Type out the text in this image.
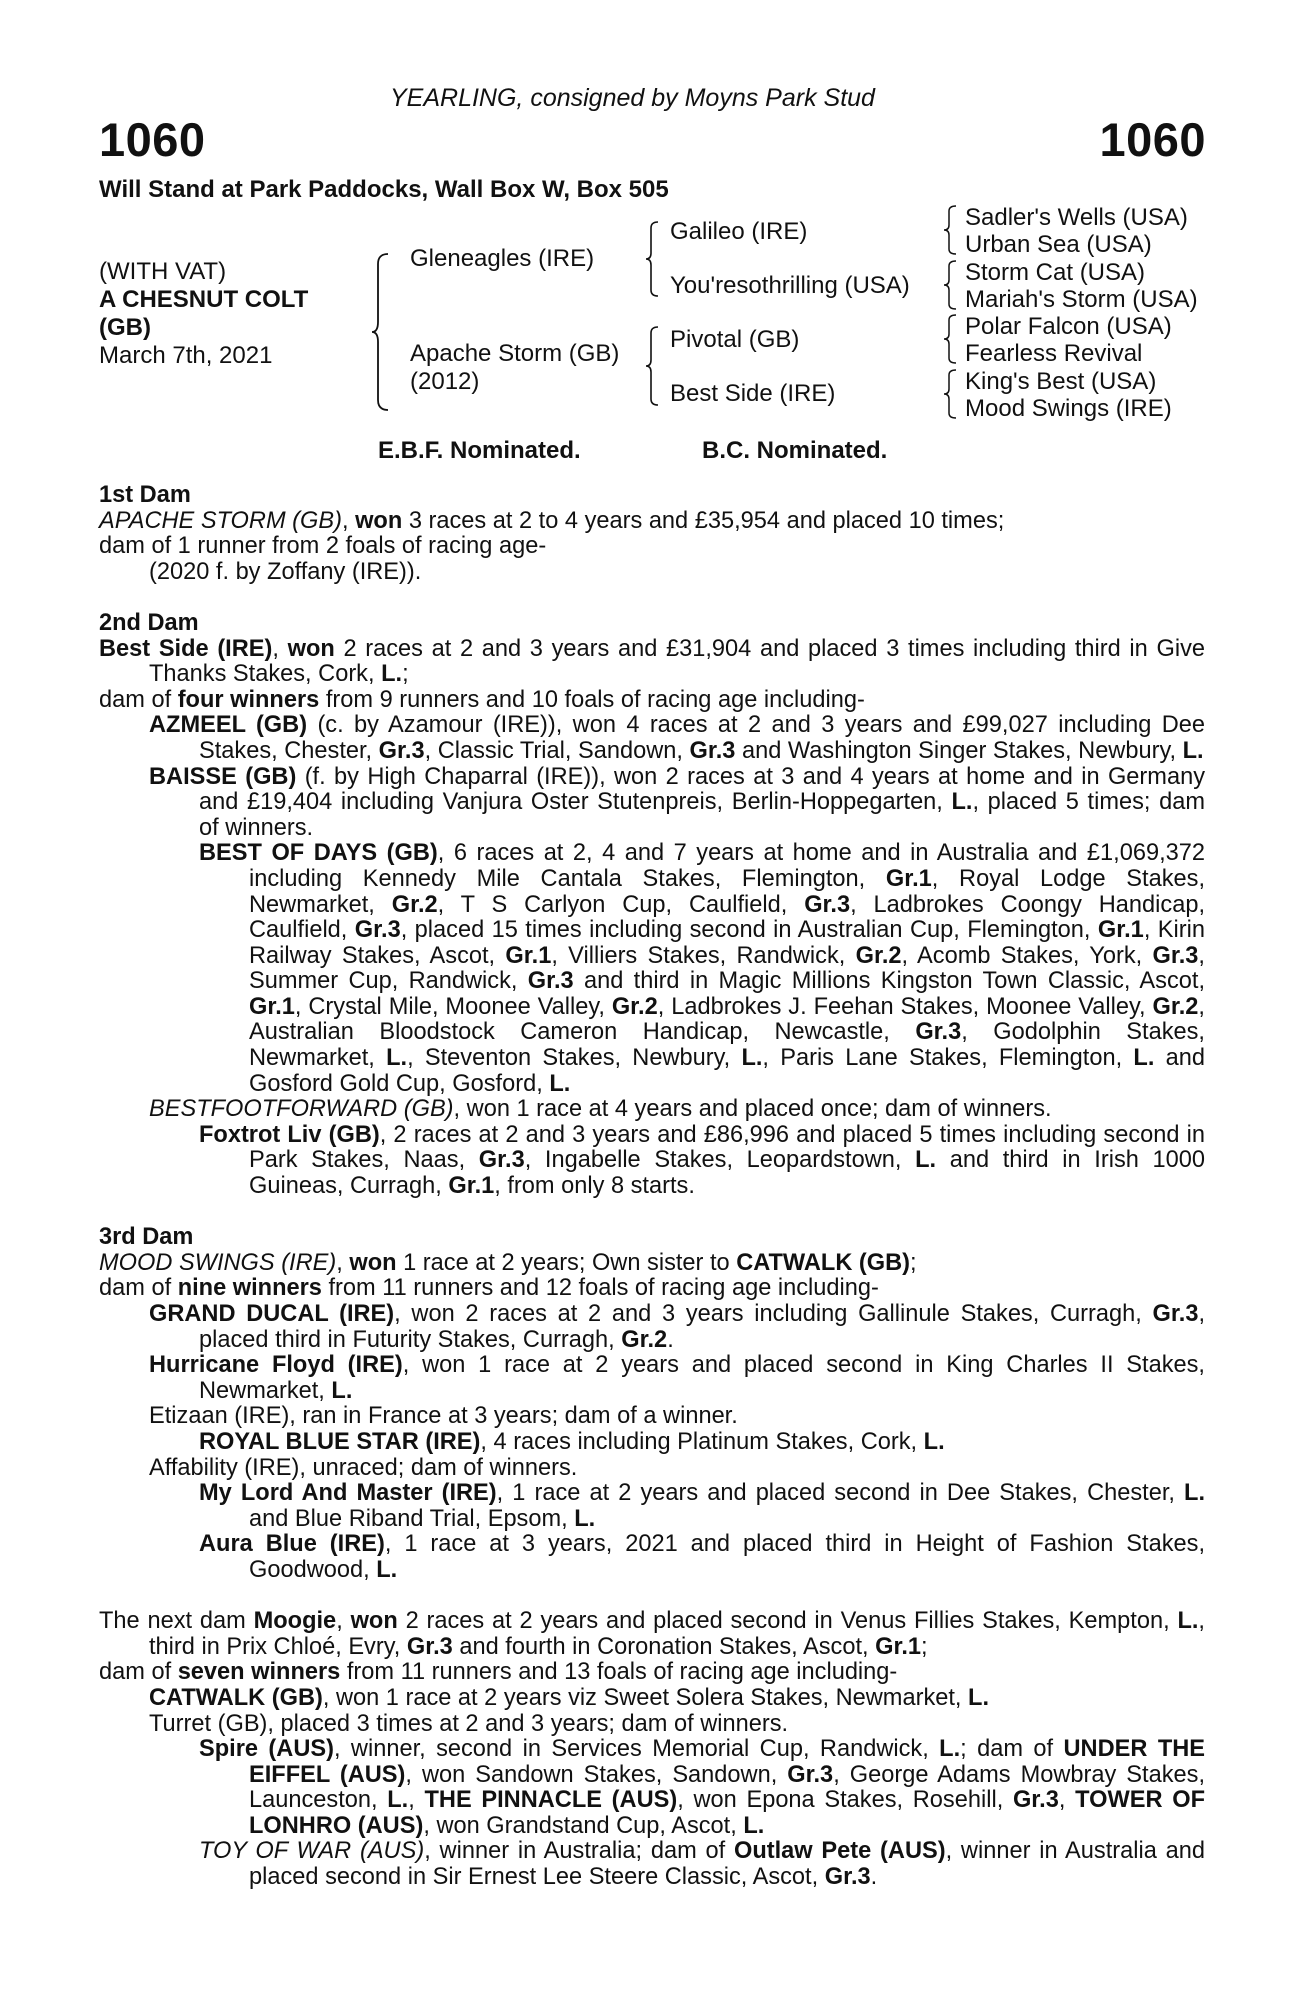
YEARLING, consigned by Moyns Park Stud
1060	1060
Will Stand at Park Paddocks, Wall Box W, Box 505
(WITH VAT)
A CHESNUT COLT
(GB)
March 7th, 2021
Gleneagles (IRE)
Apache Storm (GB)
(2012)
Galileo (IRE)
You'resothrilling (USA)
Pivotal (GB)
Best Side (IRE)
Sadler's Wells (USA)
Urban Sea (USA)
Storm Cat (USA)
Mariah's Storm (USA)
Polar Falcon (USA)
Fearless Revival
King's Best (USA)
Mood Swings (IRE)
E.B.F. Nominated.	B.C. Nominated.

1st Dam

APACHE STORM (GB), won 3 races at 2 to 4 years and £35,954 and placed 10 times;

dam of 1 runner from 2 foals of racing age-

(2020 f. by Zoffany (IRE)).

2nd Dam

Best Side (IRE), won 2 races at 2 and 3 years and £31,904 and placed 3 times including third in Give Thanks Stakes, Cork, L.;

dam of four winners from 9 runners and 10 foals of racing age including-

AZMEEL (GB) (c. by Azamour (IRE)), won 4 races at 2 and 3 years and £99,027 including Dee Stakes, Chester, Gr.3, Classic Trial, Sandown, Gr.3 and Washington Singer Stakes, Newbury, L.

BAISSE (GB) (f. by High Chaparral (IRE)), won 2 races at 3 and 4 years at home and in Germany and £19,404 including Vanjura Oster Stutenpreis, Berlin-Hoppegarten, L., placed 5 times; dam of winners.

BEST OF DAYS (GB), 6 races at 2, 4 and 7 years at home and in Australia and £1,069,372 including Kennedy Mile Cantala Stakes, Flemington, Gr.1, Royal Lodge Stakes, Newmarket, Gr.2, T S Carlyon Cup, Caulfield, Gr.3, Ladbrokes Coongy Handicap, Caulfield, Gr.3, placed 15 times including second in Australian Cup, Flemington, Gr.1, Kirin Railway Stakes, Ascot, Gr.1, Villiers Stakes, Randwick, Gr.2, Acomb Stakes, York, Gr.3, Summer Cup, Randwick, Gr.3 and third in Magic Millions Kingston Town Classic, Ascot, Gr.1, Crystal Mile, Moonee Valley, Gr.2, Ladbrokes J. Feehan Stakes, Moonee Valley, Gr.2, Australian Bloodstock Cameron Handicap, Newcastle, Gr.3, Godolphin Stakes, Newmarket, L., Steventon Stakes, Newbury, L., Paris Lane Stakes, Flemington, L. and Gosford Gold Cup, Gosford, L.

BESTFOOTFORWARD (GB), won 1 race at 4 years and placed once; dam of winners.

Foxtrot Liv (GB), 2 races at 2 and 3 years and £86,996 and placed 5 times including second in Park Stakes, Naas, Gr.3, Ingabelle Stakes, Leopardstown, L. and third in Irish 1000 Guineas, Curragh, Gr.1, from only 8 starts.

3rd Dam

MOOD SWINGS (IRE), won 1 race at 2 years; Own sister to CATWALK (GB);

dam of nine winners from 11 runners and 12 foals of racing age including-

GRAND DUCAL (IRE), won 2 races at 2 and 3 years including Gallinule Stakes, Curragh, Gr.3, placed third in Futurity Stakes, Curragh, Gr.2.

Hurricane Floyd (IRE), won 1 race at 2 years and placed second in King Charles II Stakes, Newmarket, L.

Etizaan (IRE), ran in France at 3 years; dam of a winner.

ROYAL BLUE STAR (IRE), 4 races including Platinum Stakes, Cork, L.

Affability (IRE), unraced; dam of winners.

My Lord And Master (IRE), 1 race at 2 years and placed second in Dee Stakes, Chester, L. and Blue Riband Trial, Epsom, L.

Aura Blue (IRE), 1 race at 3 years, 2021 and placed third in Height of Fashion Stakes, Goodwood, L.

The next dam Moogie, won 2 races at 2 years and placed second in Venus Fillies Stakes, Kempton, L., third in Prix Chloé, Evry, Gr.3 and fourth in Coronation Stakes, Ascot, Gr.1;

dam of seven winners from 11 runners and 13 foals of racing age including-

CATWALK (GB), won 1 race at 2 years viz Sweet Solera Stakes, Newmarket, L.

Turret (GB), placed 3 times at 2 and 3 years; dam of winners.

Spire (AUS), winner, second in Services Memorial Cup, Randwick, L.; dam of UNDER THE EIFFEL (AUS), won Sandown Stakes, Sandown, Gr.3, George Adams Mowbray Stakes, Launceston, L., THE PINNACLE (AUS), won Epona Stakes, Rosehill, Gr.3, TOWER OF LONHRO (AUS), won Grandstand Cup, Ascot, L.

TOY OF WAR (AUS), winner in Australia; dam of Outlaw Pete (AUS), winner in Australia and placed second in Sir Ernest Lee Steere Classic, Ascot, Gr.3.
